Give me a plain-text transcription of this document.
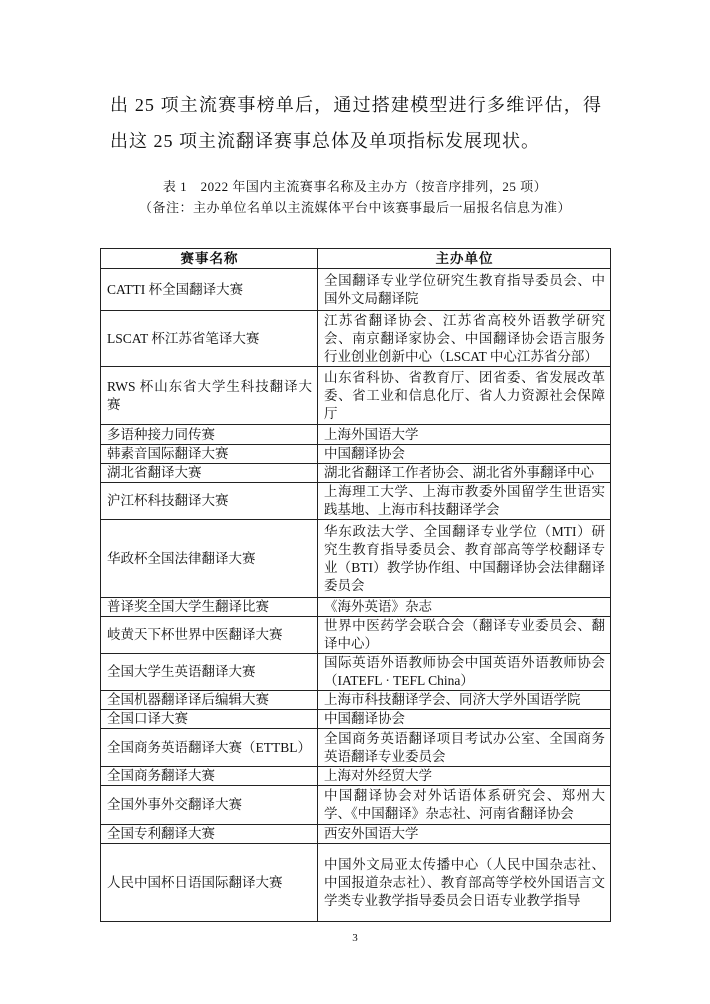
出 25 项主流赛事榜单后，通过搭建模型进行多维评估，得出这 25 项主流翻译赛事总体及单项指标发展现状。

表 1　2022 年国内主流赛事名称及主办方（按音序排列，25 项）

（备注：主办单位名单以主流媒体平台中该赛事最后一届报名信息为准）

赛事名称	主办单位
CATTI 杯全国翻译大赛	全国翻译专业学位研究生教育指导委员会、中国外文局翻译院
LSCAT 杯江苏省笔译大赛	江苏省翻译协会、江苏省高校外语教学研究会、南京翻译家协会、中国翻译协会语言服务行业创业创新中心（LSCAT 中心江苏省分部）
RWS 杯山东省大学生科技翻译大赛	山东省科协、省教育厅、团省委、省发展改革委、省工业和信息化厅、省人力资源社会保障厅
多语种接力同传赛	上海外国语大学
韩素音国际翻译大赛	中国翻译协会
湖北省翻译大赛	湖北省翻译工作者协会、湖北省外事翻译中心
沪江杯科技翻译大赛	上海理工大学、上海市教委外国留学生世语实践基地、上海市科技翻译学会
华政杯全国法律翻译大赛	华东政法大学、全国翻译专业学位（MTI）研究生教育指导委员会、教育部高等学校翻译专业（BTI）教学协作组、中国翻译协会法律翻译委员会
普译奖全国大学生翻译比赛	《海外英语》杂志
岐黄天下杯世界中医翻译大赛	世界中医药学会联合会（翻译专业委员会、翻译中心）
全国大学生英语翻译大赛	国际英语外语教师协会中国英语外语教师协会（IATEFL · TEFL China）
全国机器翻译译后编辑大赛	上海市科技翻译学会、同济大学外国语学院
全国口译大赛	中国翻译协会
全国商务英语翻译大赛（ETTBL）	全国商务英语翻译项目考试办公室、全国商务英语翻译专业委员会
全国商务翻译大赛	上海对外经贸大学
全国外事外交翻译大赛	中国翻译协会对外话语体系研究会、郑州大学、《中国翻译》杂志社、河南省翻译协会
全国专利翻译大赛	西安外国语大学
人民中国杯日语国际翻译大赛	中国外文局亚太传播中心（人民中国杂志社、中国报道杂志社）、教育部高等学校外国语言文学类专业教学指导委员会日语专业教学指导
3
